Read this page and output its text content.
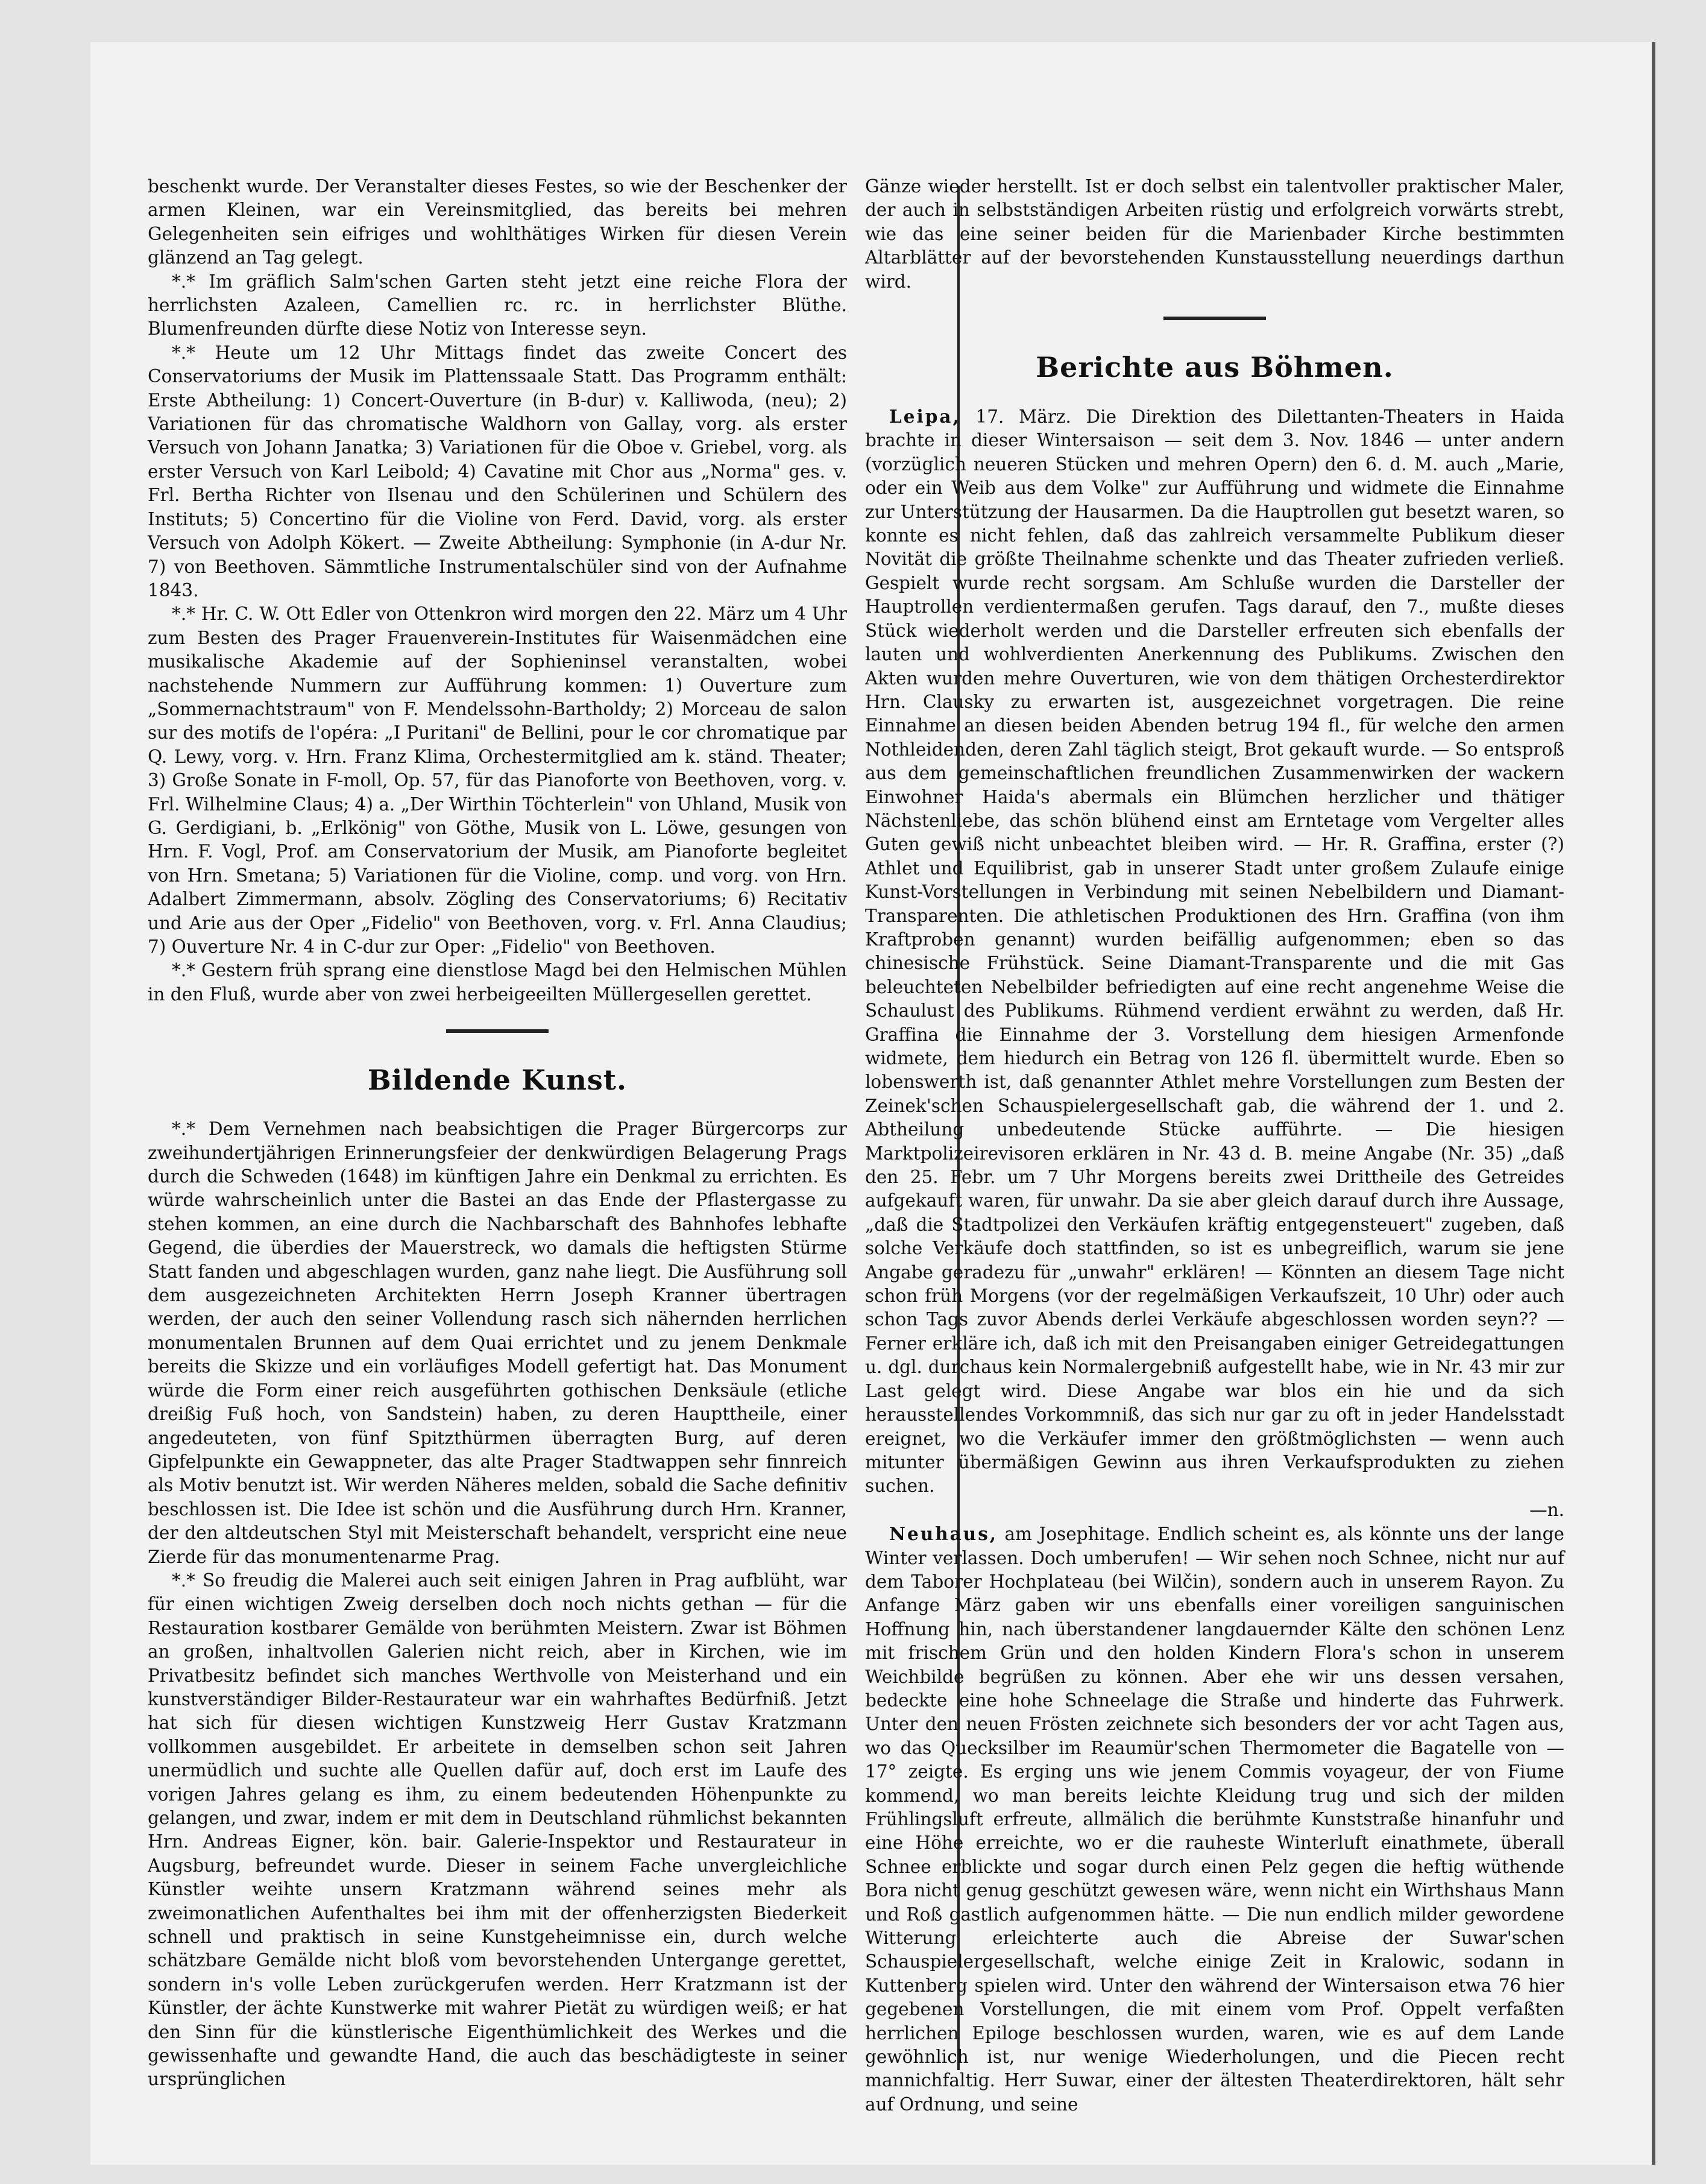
beschenkt wurde. Der Veranstalter dieses Festes, so wie der Beschenker der armen Kleinen, war ein Vereinsmitglied, das bereits bei mehren Gelegenheiten sein eifriges und wohlthätiges Wirken für diesen Verein glänzend an Tag gelegt.

*.* Im gräflich Salm'schen Garten steht jetzt eine reiche Flora der herrlichsten Azaleen, Camellien rc. rc. in herrlichster Blüthe. Blumenfreunden dürfte diese Notiz von Interesse seyn.

*.* Heute um 12 Uhr Mittags findet das zweite Concert des Conservatoriums der Musik im Plattenssaale Statt. Das Programm enthält: Erste Abtheilung: 1) Concert-Ouverture (in B-dur) v. Kalliwoda, (neu); 2) Variationen für das chromatische Waldhorn von Gallay, vorg. als erster Versuch von Johann Janatka; 3) Variationen für die Oboe v. Griebel, vorg. als erster Versuch von Karl Leibold; 4) Cavatine mit Chor aus „Norma" ges. v. Frl. Bertha Richter von Ilsenau und den Schülerinen und Schülern des Instituts; 5) Concertino für die Violine von Ferd. David, vorg. als erster Versuch von Adolph Kökert. — Zweite Abtheilung: Symphonie (in A-dur Nr. 7) von Beethoven. Sämmtliche Instrumentalschüler sind von der Aufnahme 1843.

*.* Hr. C. W. Ott Edler von Ottenkron wird morgen den 22. März um 4 Uhr zum Besten des Prager Frauenverein-Institutes für Waisenmädchen eine musikalische Akademie auf der Sophieninsel veranstalten, wobei nachstehende Nummern zur Aufführung kommen: 1) Ouverture zum „Sommernachtstraum" von F. Mendelssohn-Bartholdy; 2) Morceau de salon sur des motifs de l'opéra: „I Puritani" de Bellini, pour le cor chromatique par Q. Lewy, vorg. v. Hrn. Franz Klima, Orchestermitglied am k. ständ. Theater; 3) Große Sonate in F-moll, Op. 57, für das Pianoforte von Beethoven, vorg. v. Frl. Wilhelmine Claus; 4) a. „Der Wirthin Töchterlein" von Uhland, Musik von G. Gerdigiani, b. „Erlkönig" von Göthe, Musik von L. Löwe, gesungen von Hrn. F. Vogl, Prof. am Conservatorium der Musik, am Pianoforte begleitet von Hrn. Smetana; 5) Variationen für die Violine, comp. und vorg. von Hrn. Adalbert Zimmermann, absolv. Zögling des Conservatoriums; 6) Recitativ und Arie aus der Oper „Fidelio" von Beethoven, vorg. v. Frl. Anna Claudius; 7) Ouverture Nr. 4 in C-dur zur Oper: „Fidelio" von Beethoven.

*.* Gestern früh sprang eine dienstlose Magd bei den Helmischen Mühlen in den Fluß, wurde aber von zwei herbeigeeilten Müllergesellen gerettet.

Bildende Kunst.

*.* Dem Vernehmen nach beabsichtigen die Prager Bürgercorps zur zweihundertjährigen Erinnerungsfeier der denkwürdigen Belagerung Prags durch die Schweden (1648) im künftigen Jahre ein Denkmal zu errichten. Es würde wahrscheinlich unter die Bastei an das Ende der Pflastergasse zu stehen kommen, an eine durch die Nachbarschaft des Bahnhofes lebhafte Gegend, die überdies der Mauerstreck, wo damals die heftigsten Stürme Statt fanden und abgeschlagen wurden, ganz nahe liegt. Die Ausführung soll dem ausgezeichneten Architekten Herrn Joseph Kranner übertragen werden, der auch den seiner Vollendung rasch sich nähernden herrlichen monumentalen Brunnen auf dem Quai errichtet und zu jenem Denkmale bereits die Skizze und ein vorläufiges Modell gefertigt hat. Das Monument würde die Form einer reich ausgeführten gothischen Denksäule (etliche dreißig Fuß hoch, von Sandstein) haben, zu deren Haupttheile, einer angedeuteten, von fünf Spitzthürmen überragten Burg, auf deren Gipfelpunkte ein Gewappneter, das alte Prager Stadtwappen sehr finnreich als Motiv benutzt ist. Wir werden Näheres melden, sobald die Sache definitiv beschlossen ist. Die Idee ist schön und die Ausführung durch Hrn. Kranner, der den altdeutschen Styl mit Meisterschaft behandelt, verspricht eine neue Zierde für das monumentenarme Prag.

*.* So freudig die Malerei auch seit einigen Jahren in Prag aufblüht, war für einen wichtigen Zweig derselben doch noch nichts gethan — für die Restauration kostbarer Gemälde von berühmten Meistern. Zwar ist Böhmen an großen, inhaltvollen Galerien nicht reich, aber in Kirchen, wie im Privatbesitz befindet sich manches Werthvolle von Meisterhand und ein kunstverständiger Bilder-Restaurateur war ein wahrhaftes Bedürfniß. Jetzt hat sich für diesen wichtigen Kunstzweig Herr Gustav Kratzmann vollkommen ausgebildet. Er arbeitete in demselben schon seit Jahren unermüdlich und suchte alle Quellen dafür auf, doch erst im Laufe des vorigen Jahres gelang es ihm, zu einem bedeutenden Höhenpunkte zu gelangen, und zwar, indem er mit dem in Deutschland rühmlichst bekannten Hrn. Andreas Eigner, kön. bair. Galerie-Inspektor und Restaurateur in Augsburg, befreundet wurde. Dieser in seinem Fache unvergleichliche Künstler weihte unsern Kratzmann während seines mehr als zweimonatlichen Aufenthaltes bei ihm mit der offenherzigsten Biederkeit schnell und praktisch in seine Kunstgeheimnisse ein, durch welche schätzbare Gemälde nicht bloß vom bevorstehenden Untergange gerettet, sondern in's volle Leben zurückgerufen werden. Herr Kratzmann ist der Künstler, der ächte Kunstwerke mit wahrer Pietät zu würdigen weiß; er hat den Sinn für die künstlerische Eigenthümlichkeit des Werkes und die gewissenhafte und gewandte Hand, die auch das beschädigteste in seiner ursprünglichen

Gänze wieder herstellt. Ist er doch selbst ein talentvoller praktischer Maler, der auch in selbstständigen Arbeiten rüstig und erfolgreich vorwärts strebt, wie das eine seiner beiden für die Marienbader Kirche bestimmten Altarblätter auf der bevorstehenden Kunstausstellung neuerdings darthun wird.

Berichte aus Böhmen.

Leipa, 17. März. Die Direktion des Dilettanten-Theaters in Haida brachte in dieser Wintersaison — seit dem 3. Nov. 1846 — unter andern (vorzüglich neueren Stücken und mehren Opern) den 6. d. M. auch „Marie, oder ein Weib aus dem Volke" zur Aufführung und widmete die Einnahme zur Unterstützung der Hausarmen. Da die Hauptrollen gut besetzt waren, so konnte es nicht fehlen, daß das zahlreich versammelte Publikum dieser Novität die größte Theilnahme schenkte und das Theater zufrieden verließ. Gespielt wurde recht sorgsam. Am Schluße wurden die Darsteller der Hauptrollen verdientermaßen gerufen. Tags darauf, den 7., mußte dieses Stück wiederholt werden und die Darsteller erfreuten sich ebenfalls der lauten und wohlverdienten Anerkennung des Publikums. Zwischen den Akten wurden mehre Ouverturen, wie von dem thätigen Orchesterdirektor Hrn. Clausky zu erwarten ist, ausgezeichnet vorgetragen. Die reine Einnahme an diesen beiden Abenden betrug 194 fl., für welche den armen Nothleidenden, deren Zahl täglich steigt, Brot gekauft wurde. — So entsproß aus dem gemeinschaftlichen freundlichen Zusammenwirken der wackern Einwohner Haida's abermals ein Blümchen herzlicher und thätiger Nächstenliebe, das schön blühend einst am Erntetage vom Vergelter alles Guten gewiß nicht unbeachtet bleiben wird. — Hr. R. Graffina, erster (?) Athlet und Equilibrist, gab in unserer Stadt unter großem Zulaufe einige Kunst-Vorstellungen in Verbindung mit seinen Nebelbildern und Diamant-Transparenten. Die athletischen Produktionen des Hrn. Graffina (von ihm Kraftproben genannt) wurden beifällig aufgenommen; eben so das chinesische Frühstück. Seine Diamant-Transparente und die mit Gas beleuchteten Nebelbilder befriedigten auf eine recht angenehme Weise die Schaulust des Publikums. Rühmend verdient erwähnt zu werden, daß Hr. Graffina die Einnahme der 3. Vorstellung dem hiesigen Armenfonde widmete, dem hiedurch ein Betrag von 126 fl. übermittelt wurde. Eben so lobenswerth ist, daß genannter Athlet mehre Vorstellungen zum Besten der Zeinek'schen Schauspielergesellschaft gab, die während der 1. und 2. Abtheilung unbedeutende Stücke aufführte. — Die hiesigen Marktpolizeirevisoren erklären in Nr. 43 d. B. meine Angabe (Nr. 35) „daß den 25. Febr. um 7 Uhr Morgens bereits zwei Drittheile des Getreides aufgekauft waren, für unwahr. Da sie aber gleich darauf durch ihre Aussage, „daß die Stadtpolizei den Verkäufen kräftig entgegensteuert" zugeben, daß solche Verkäufe doch stattfinden, so ist es unbegreiflich, warum sie jene Angabe geradezu für „unwahr" erklären! — Könnten an diesem Tage nicht schon früh Morgens (vor der regelmäßigen Verkaufszeit, 10 Uhr) oder auch schon Tags zuvor Abends derlei Verkäufe abgeschlossen worden seyn?? — Ferner erkläre ich, daß ich mit den Preisangaben einiger Getreidegattungen u. dgl. durchaus kein Normalergebniß aufgestellt habe, wie in Nr. 43 mir zur Last gelegt wird. Diese Angabe war blos ein hie und da sich herausstellendes Vorkommniß, das sich nur gar zu oft in jeder Handelsstadt ereignet, wo die Verkäufer immer den größtmöglichsten — wenn auch mitunter übermäßigen Gewinn aus ihren Verkaufsprodukten zu ziehen suchen.

—n.

Neuhaus, am Josephitage. Endlich scheint es, als könnte uns der lange Winter verlassen. Doch umberufen! — Wir sehen noch Schnee, nicht nur auf dem Taborer Hochplateau (bei Wilčin), sondern auch in unserem Rayon. Zu Anfange März gaben wir uns ebenfalls einer voreiligen sanguinischen Hoffnung hin, nach überstandener langdauernder Kälte den schönen Lenz mit frischem Grün und den holden Kindern Flora's schon in unserem Weichbilde begrüßen zu können. Aber ehe wir uns dessen versahen, bedeckte eine hohe Schneelage die Straße und hinderte das Fuhrwerk. Unter den neuen Frösten zeichnete sich besonders der vor acht Tagen aus, wo das Quecksilber im Reaumür'schen Thermometer die Bagatelle von — 17° zeigte. Es erging uns wie jenem Commis voyageur, der von Fiume kommend, wo man bereits leichte Kleidung trug und sich der milden Frühlingsluft erfreute, allmälich die berühmte Kunststraße hinanfuhr und eine Höhe erreichte, wo er die rauheste Winterluft einathmete, überall Schnee erblickte und sogar durch einen Pelz gegen die heftig wüthende Bora nicht genug geschützt gewesen wäre, wenn nicht ein Wirthshaus Mann und Roß gastlich aufgenommen hätte. — Die nun endlich milder gewordene Witterung erleichterte auch die Abreise der Suwar'schen Schauspielergesellschaft, welche einige Zeit in Kralowic, sodann in Kuttenberg spielen wird. Unter den während der Wintersaison etwa 76 hier gegebenen Vorstellungen, die mit einem vom Prof. Oppelt verfaßten herrlichen Epiloge beschlossen wurden, waren, wie es auf dem Lande gewöhnlich ist, nur wenige Wiederholungen, und die Piecen recht mannichfaltig. Herr Suwar, einer der ältesten Theaterdirektoren, hält sehr auf Ordnung, und seine
